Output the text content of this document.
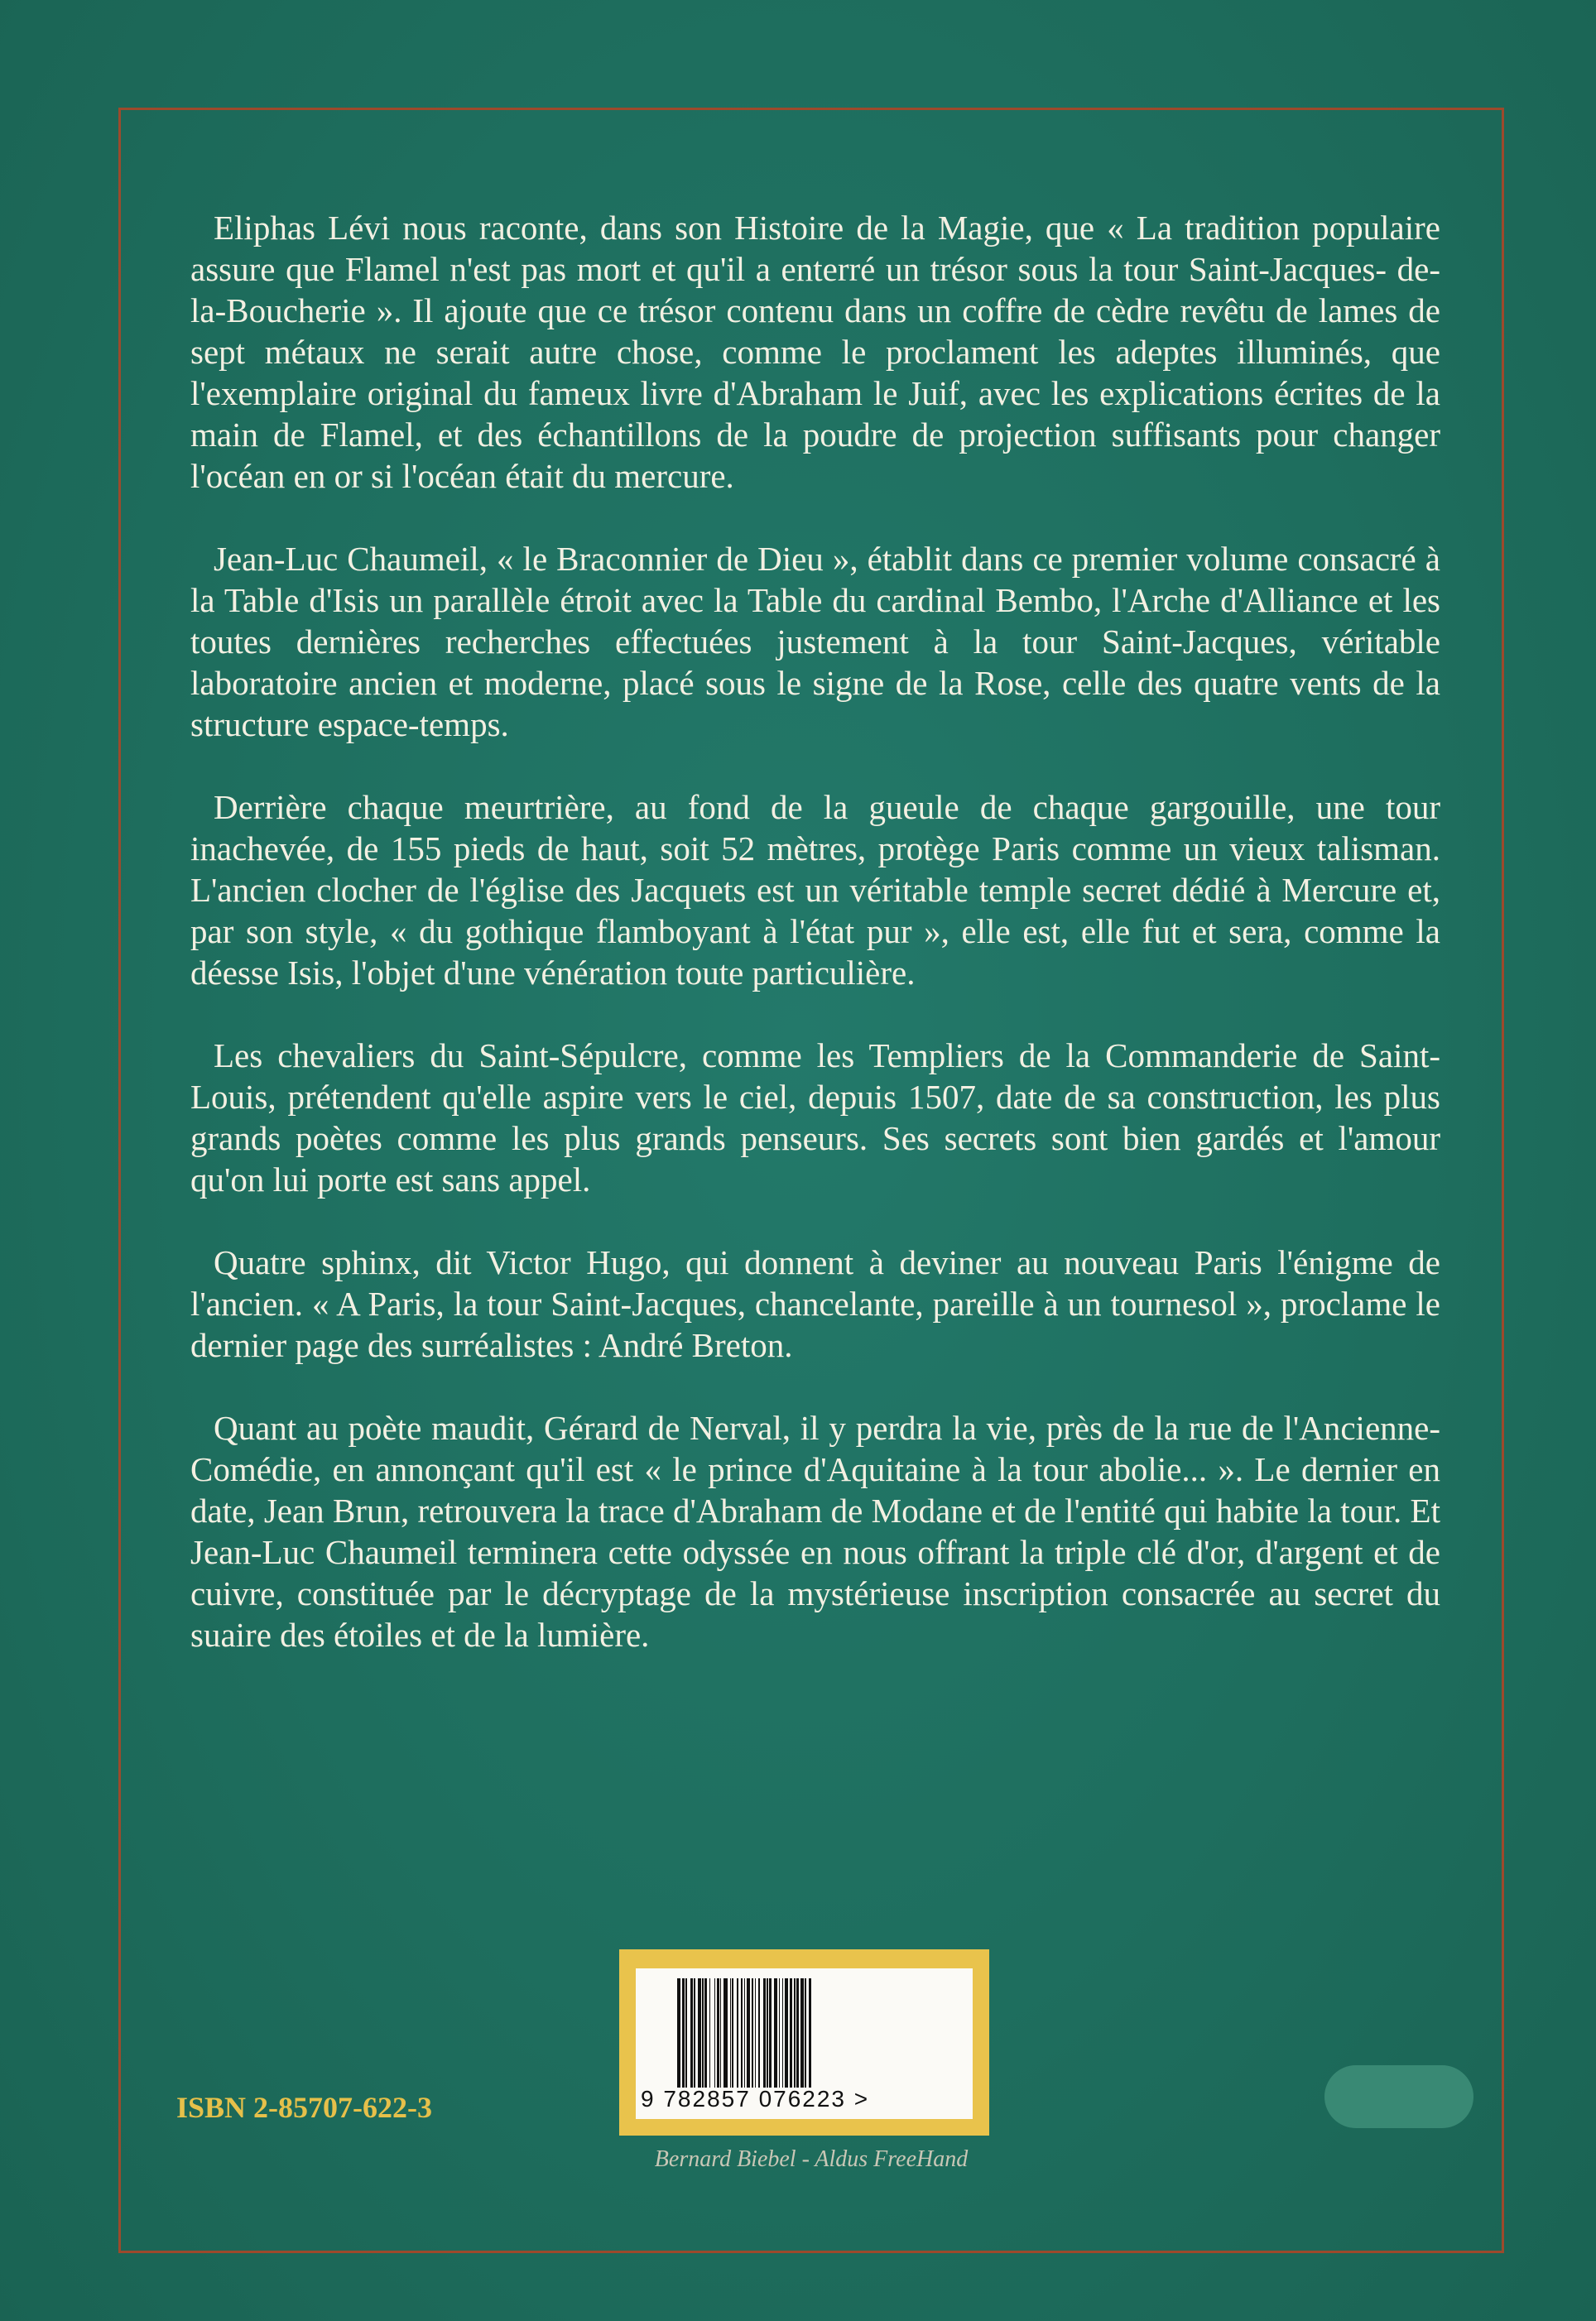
Eliphas Lévi nous raconte, dans son Histoire de la Magie, que « La tradition populaire assure que Flamel n'est pas mort et qu'il a enterré un trésor sous la tour Saint-Jacques- de-la-Boucherie ». Il ajoute que ce trésor contenu dans un coffre de cèdre revêtu de lames de sept métaux ne serait autre chose, comme le proclament les adeptes illuminés, que l'exemplaire original du fameux livre d'Abraham le Juif, avec les explications écrites de la main de Flamel, et des échantillons de la poudre de projection suffisants pour changer l'océan en or si l'océan était du mercure.

Jean-Luc Chaumeil, « le Braconnier de Dieu », établit dans ce premier volume consacré à la Table d'Isis un parallèle étroit avec la Table du cardinal Bembo, l'Arche d'Alliance et les toutes dernières recherches effectuées justement à la tour Saint-Jacques, véritable laboratoire ancien et moderne, placé sous le signe de la Rose, celle des quatre vents de la structure espace-temps.

Derrière chaque meurtrière, au fond de la gueule de chaque gargouille, une tour inachevée, de 155 pieds de haut, soit 52 mètres, protège Paris comme un vieux talisman. L'ancien clocher de l'église des Jacquets est un véritable temple secret dédié à Mercure et, par son style, « du gothique flamboyant à l'état pur », elle est, elle fut et sera, comme la déesse Isis, l'objet d'une vénération toute particulière.

Les chevaliers du Saint-Sépulcre, comme les Templiers de la Commanderie de Saint-Louis, prétendent qu'elle aspire vers le ciel, depuis 1507, date de sa construction, les plus grands poètes comme les plus grands penseurs. Ses secrets sont bien gardés et l'amour qu'on lui porte est sans appel.

Quatre sphinx, dit Victor Hugo, qui donnent à deviner au nouveau Paris l'énigme de l'ancien. « A Paris, la tour Saint-Jacques, chancelante, pareille à un tournesol », proclame le dernier page des surréalistes : André Breton.

Quant au poète maudit, Gérard de Nerval, il y perdra la vie, près de la rue de l'Ancienne-Comédie, en annonçant qu'il est « le prince d'Aquitaine à la tour abolie... ». Le dernier en date, Jean Brun, retrouvera la trace d'Abraham de Modane et de l'entité qui habite la tour. Et Jean-Luc Chaumeil terminera cette odyssée en nous offrant la triple clé d'or, d'argent et de cuivre, constituée par le décryptage de la mystérieuse inscription consacrée au secret du suaire des étoiles et de la lumière.

9 782857 076223 >
ISBN 2-85707-622-3
Bernard Biebel - Aldus FreeHand
